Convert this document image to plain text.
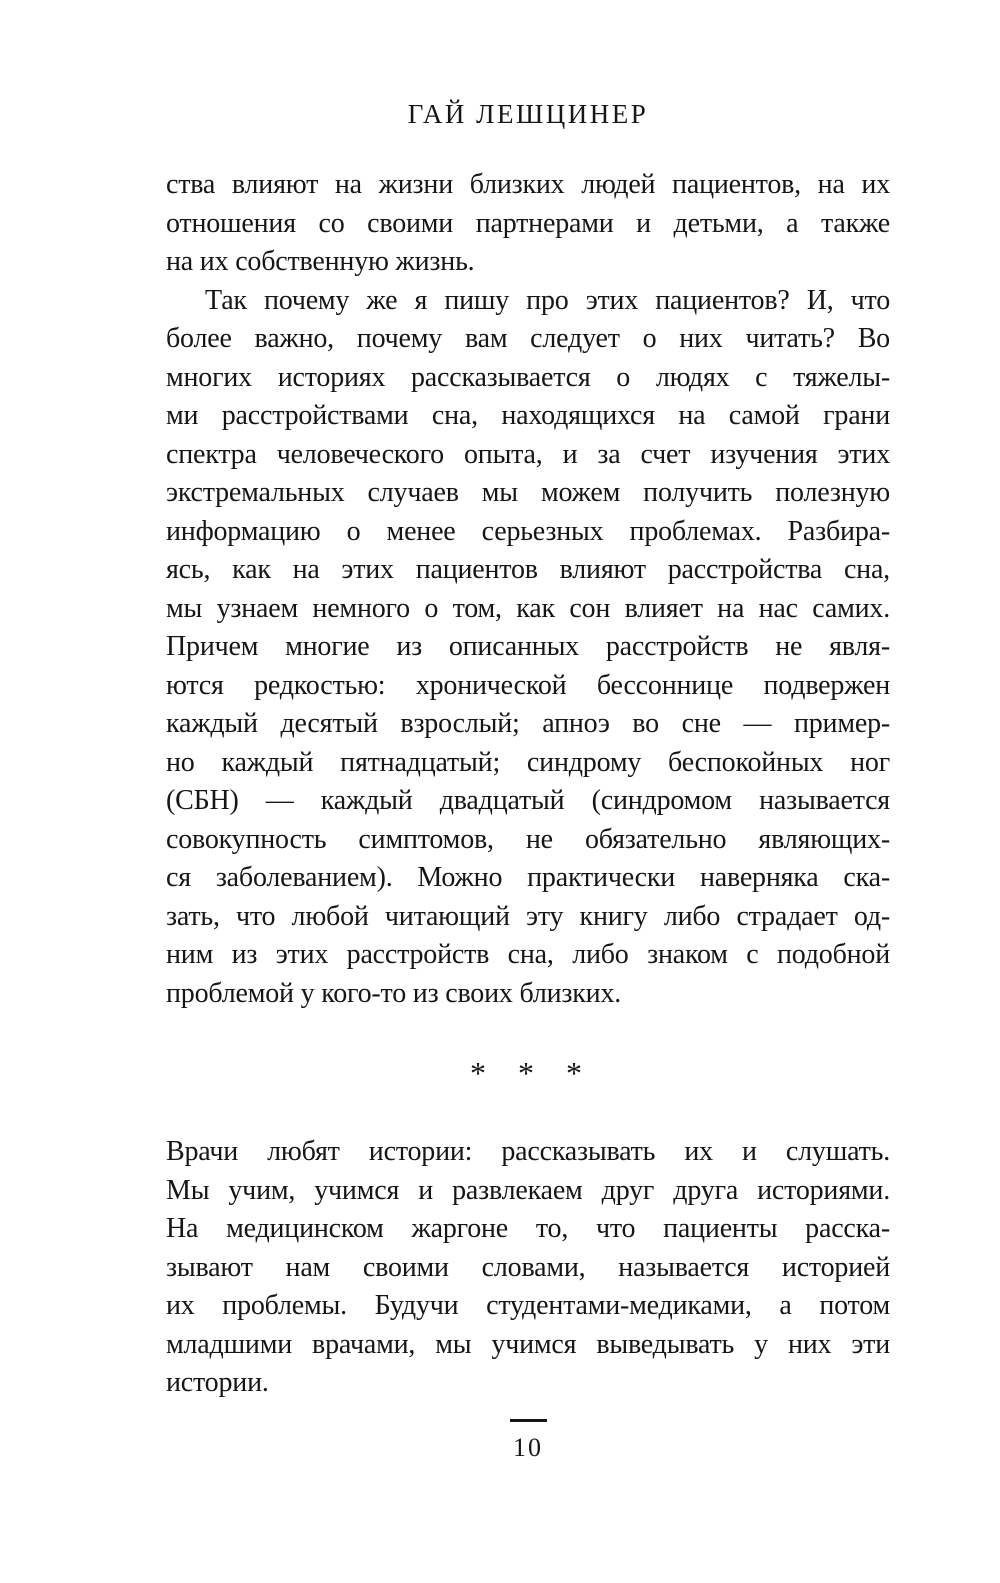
ГАЙ ЛЕШЦИНЕР
ства влияют на жизни близких людей пациентов, на их
отношения со своими партнерами и детьми, а также
на их собственную жизнь.
Так почему же я пишу про этих пациентов? И, что
более важно, почему вам следует о них читать? Во
многих историях рассказывается о людях с тяжелы-
ми расстройствами сна, находящихся на самой грани
спектра человеческого опыта, и за счет изучения этих
экстремальных случаев мы можем получить полезную
информацию о менее серьезных проблемах. Разбира-
ясь, как на этих пациентов влияют расстройства сна,
мы узнаем немного о том, как сон влияет на нас самих.
Причем многие из описанных расстройств не явля-
ются редкостью: хронической бессоннице подвержен
каждый десятый взрослый; апноэ во сне — пример-
но каждый пятнадцатый; синдрому беспокойных ног
(СБН) — каждый двадцатый (синдромом называется
совокупность симптомов, не обязательно являющих-
ся заболеванием). Можно практически наверняка ска-
зать, что любой читающий эту книгу либо страдает од-
ним из этих расстройств сна, либо знаком с подобной
проблемой у кого-то из своих близких.
* * *
Врачи любят истории: рассказывать их и слушать.
Мы учим, учимся и развлекаем друг друга историями.
На медицинском жаргоне то, что пациенты расска-
зывают нам своими словами, называется историей
их проблемы. Будучи студентами-медиками, а потом
младшими врачами, мы учимся выведывать у них эти
истории.
10
